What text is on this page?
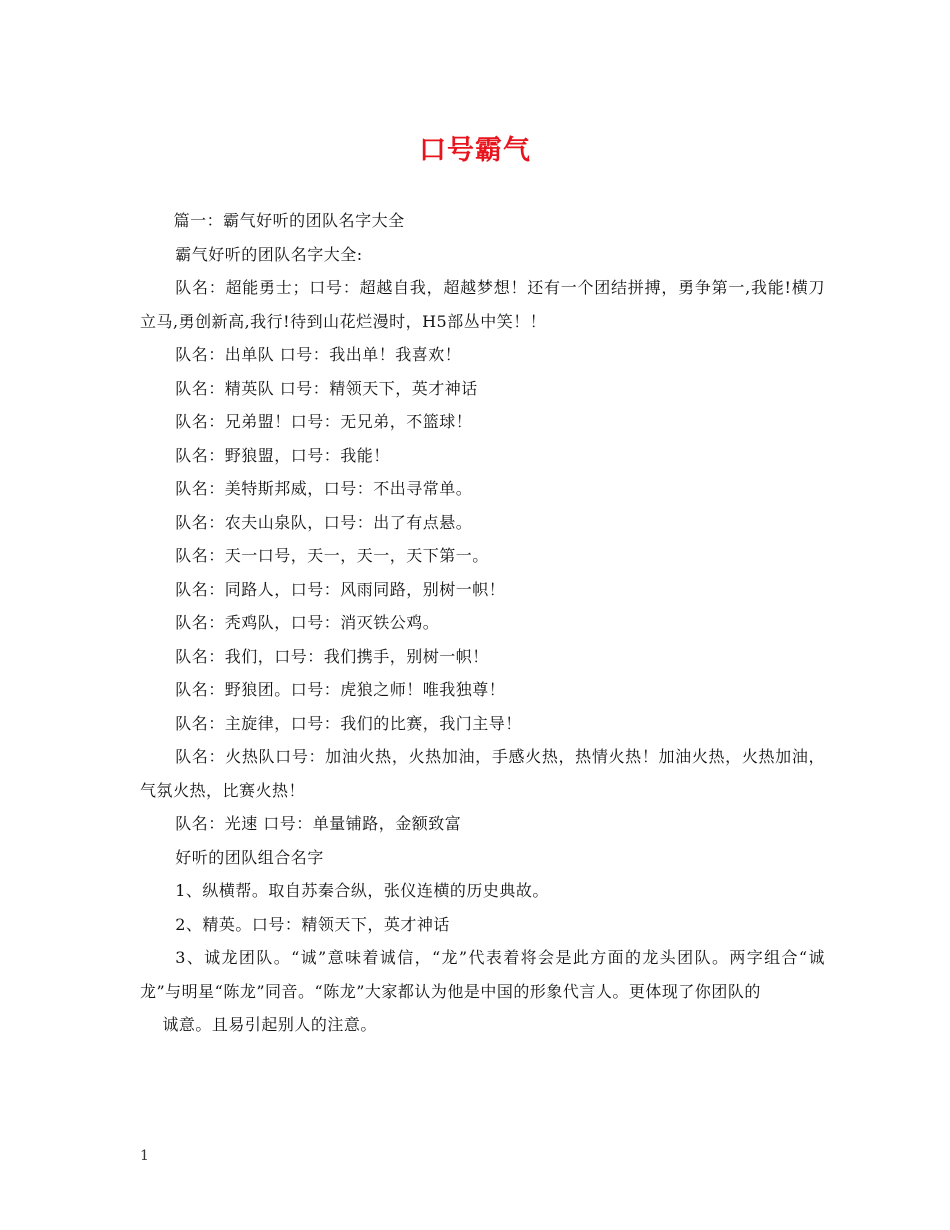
口号霸气

篇一：霸气好听的团队名字大全

霸气好听的团队名字大全:

队名：超能勇士；口号：超越自我，超越梦想！还有一个团结拼搏，勇争第一,我能!横刀立马,勇创新高,我行!待到山花烂漫时，H5部丛中笑！！

队名：出单队 口号：我出单！我喜欢！

队名：精英队 口号：精领天下，英才神话

队名：兄弟盟！口号：无兄弟，不篮球！

队名：野狼盟，口号：我能！

队名：美特斯邦威，口号：不出寻常单。

队名：农夫山泉队，口号：出了有点悬。

队名：天一口号，天一，天一，天下第一。

队名：同路人，口号：风雨同路，别树一帜！

队名：秃鸡队，口号：消灭铁公鸡。

队名：我们，口号：我们携手，别树一帜！

队名：野狼团。口号：虎狼之师！唯我独尊！

队名：主旋律，口号：我们的比赛，我门主导！

队名：火热队口号：加油火热，火热加油，手感火热，热情火热！加油火热，火热加油，气氛火热，比赛火热！

队名：光速 口号：单量铺路，金额致富

好听的团队组合名字

1、纵横帮。取自苏秦合纵，张仪连横的历史典故。

2、精英。口号：精领天下，英才神话

3、诚龙团队。“诚”意味着诚信，“龙”代表着将会是此方面的龙头团队。两字组合“诚龙”与明星“陈龙”同音。“陈龙”大家都认为他是中国的形象代言人。更体现了你团队的

诚意。且易引起别人的注意。

1
